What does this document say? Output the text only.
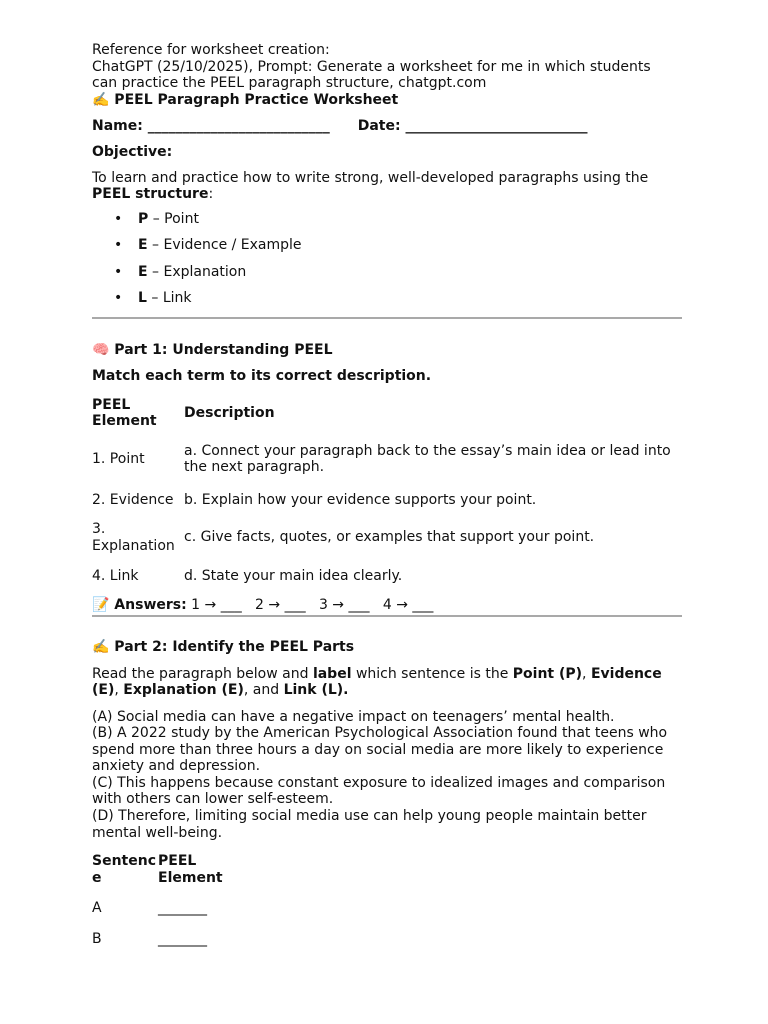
Reference for worksheet creation:

ChatGPT (25/10/2025), Prompt: Generate a worksheet for me in which students

can practice the PEEL paragraph structure, chatgpt.com

✍️ PEEL Paragraph Practice Worksheet

Name: __________________________ Date: __________________________

Objective:

To learn and practice how to write strong, well-developed paragraphs using the PEEL structure:

• P – Point
• E – Evidence / Example
• E – Explanation
• L – Link

🧠 Part 1: Understanding PEEL

Match each term to its correct description.

PEEL Element	Description
1. Point	a. Connect your paragraph back to the essay’s main idea or lead into the next paragraph.
2. Evidence	b. Explain how your evidence supports your point.
3. Explanation	c. Give facts, quotes, or examples that support your point.
4. Link	d. State your main idea clearly.

📝 Answers: 1 → ___   2 → ___   3 → ___   4 → ___

✍️ Part 2: Identify the PEEL Parts

Read the paragraph below and label which sentence is the Point (P), Evidence (E), Explanation (E), and Link (L).

(A) Social media can have a negative impact on teenagers’ mental health.

(B) A 2022 study by the American Psychological Association found that teens who spend more than three hours a day on social media are more likely to experience anxiety and depression.

(C) This happens because constant exposure to idealized images and comparison with others can lower self-esteem.

(D) Therefore, limiting social media use can help young people maintain better mental well-being.

Sentence	PEEL Element
A	_______
B	_______
